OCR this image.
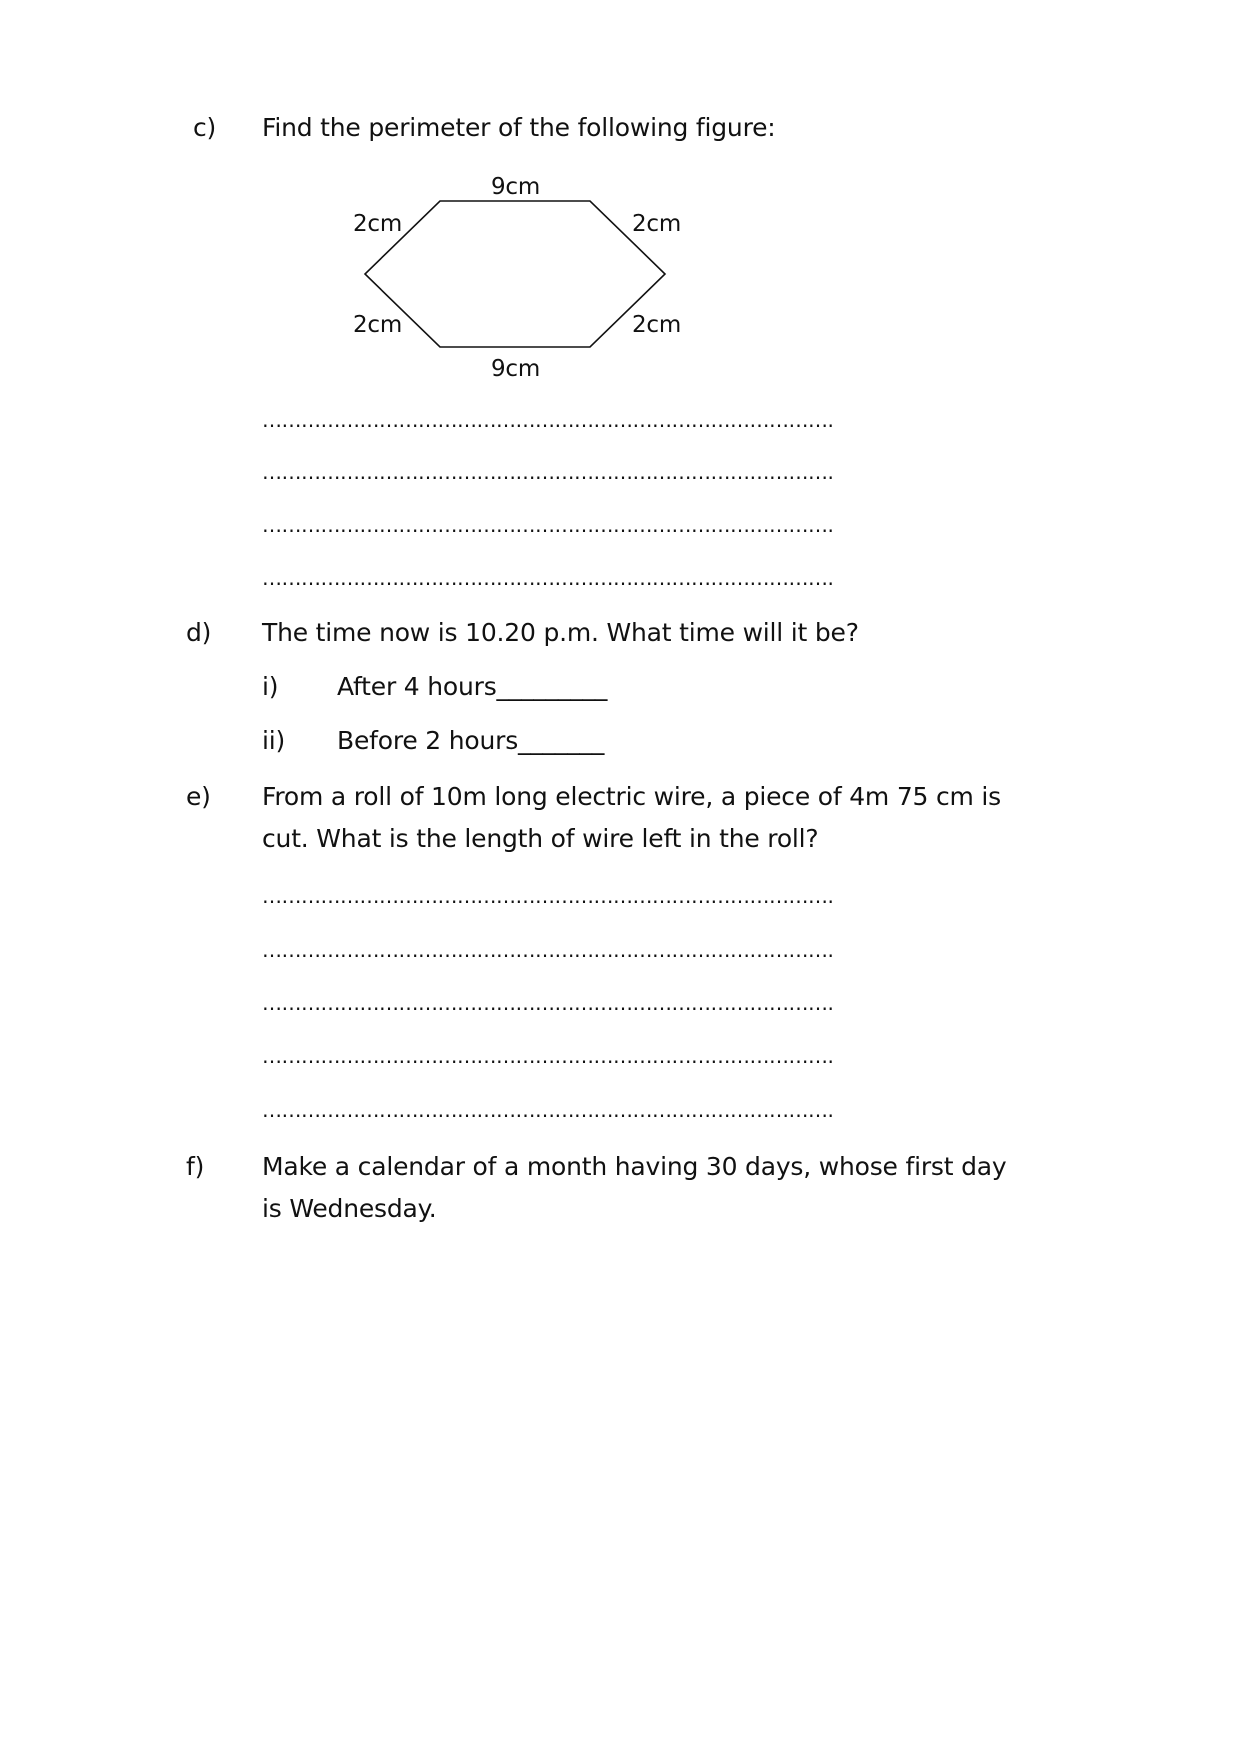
c) Find the perimeter of the following figure:
9cm
2cm	2cm
2cm	2cm
9cm
…………………………………………………………………………….
…………………………………………………………………………….
…………………………………………………………………………….
…………………………………………………………………………….
d) The time now is 10.20 p.m. What time will it be?
i) After 4 hours_________
ii) Before 2 hours_______
e) From a roll of 10m long electric wire, a piece of 4m 75 cm is
cut. What is the length of wire left in the roll?
…………………………………………………………………………….
…………………………………………………………………………….
…………………………………………………………………………….
…………………………………………………………………………….
…………………………………………………………………………….
f) Make a calendar of a month having 30 days, whose first day
is Wednesday.
